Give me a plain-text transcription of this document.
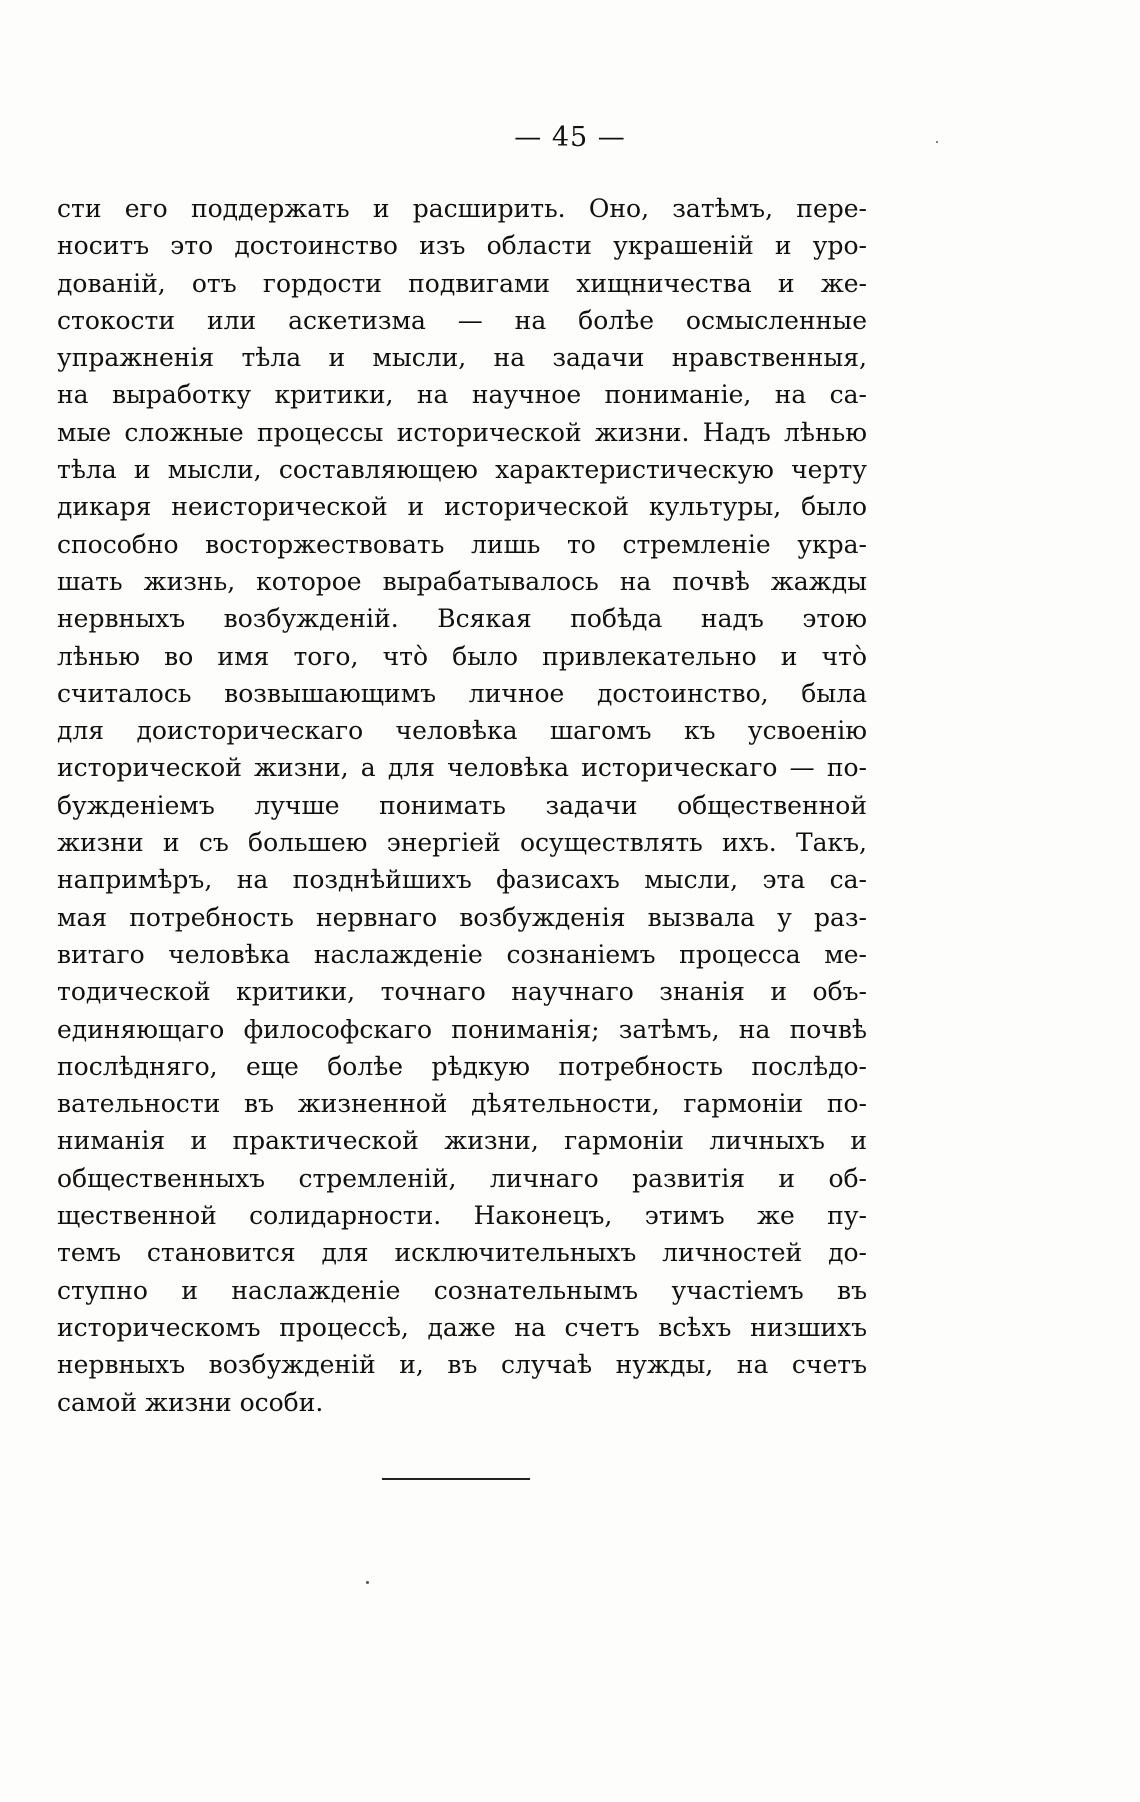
— 45 —
сти его поддержать и расширить. Оно, затѣмъ, пере-
носитъ это достоинство изъ области украшеній и уро-
дованій, отъ гордости подвигами хищничества и же-
стокости или аскетизма — на болѣе осмысленные
упражненія тѣла и мысли, на задачи нравственныя,
на выработку критики, на научное пониманіе, на са-
мые сложные процессы исторической жизни. Надъ лѣнью
тѣла и мысли, составляющею характеристическую черту
дикаря неисторической и исторической культуры, было
способно восторжествовать лишь то стремленіе укра-
шать жизнь, которое вырабатывалось на почвѣ жажды
нервныхъ возбужденій. Всякая побѣда надъ этою
лѣнью во имя того, что̀ было привлекательно и что̀
считалось возвышающимъ личное достоинство, была
для доисторическаго человѣка шагомъ къ усвоенію
исторической жизни, а для человѣка историческаго — по-
бужденіемъ лучше понимать задачи общественной
жизни и съ большею энергіей осуществлять ихъ. Такъ,
напримѣръ, на позднѣйшихъ фазисахъ мысли, эта са-
мая потребность нервнаго возбужденія вызвала у раз-
витаго человѣка наслажденіе сознаніемъ процесса ме-
тодической критики, точнаго научнаго знанія и объ-
единяющаго философскаго пониманія; затѣмъ, на почвѣ
послѣдняго, еще болѣе рѣдкую потребность послѣдо-
вательности въ жизненной дѣятельности, гармоніи по-
ниманія и практической жизни, гармоніи личныхъ и
общественныхъ стремленій, личнаго развитія и об-
щественной солидарности. Наконецъ, этимъ же пу-
темъ становится для исключительныхъ личностей до-
ступно и наслажденіе сознательнымъ участіемъ въ
историческомъ процессѣ, даже на счетъ всѣхъ низшихъ
нервныхъ возбужденій и, въ случаѣ нужды, на счетъ
самой жизни особи.
